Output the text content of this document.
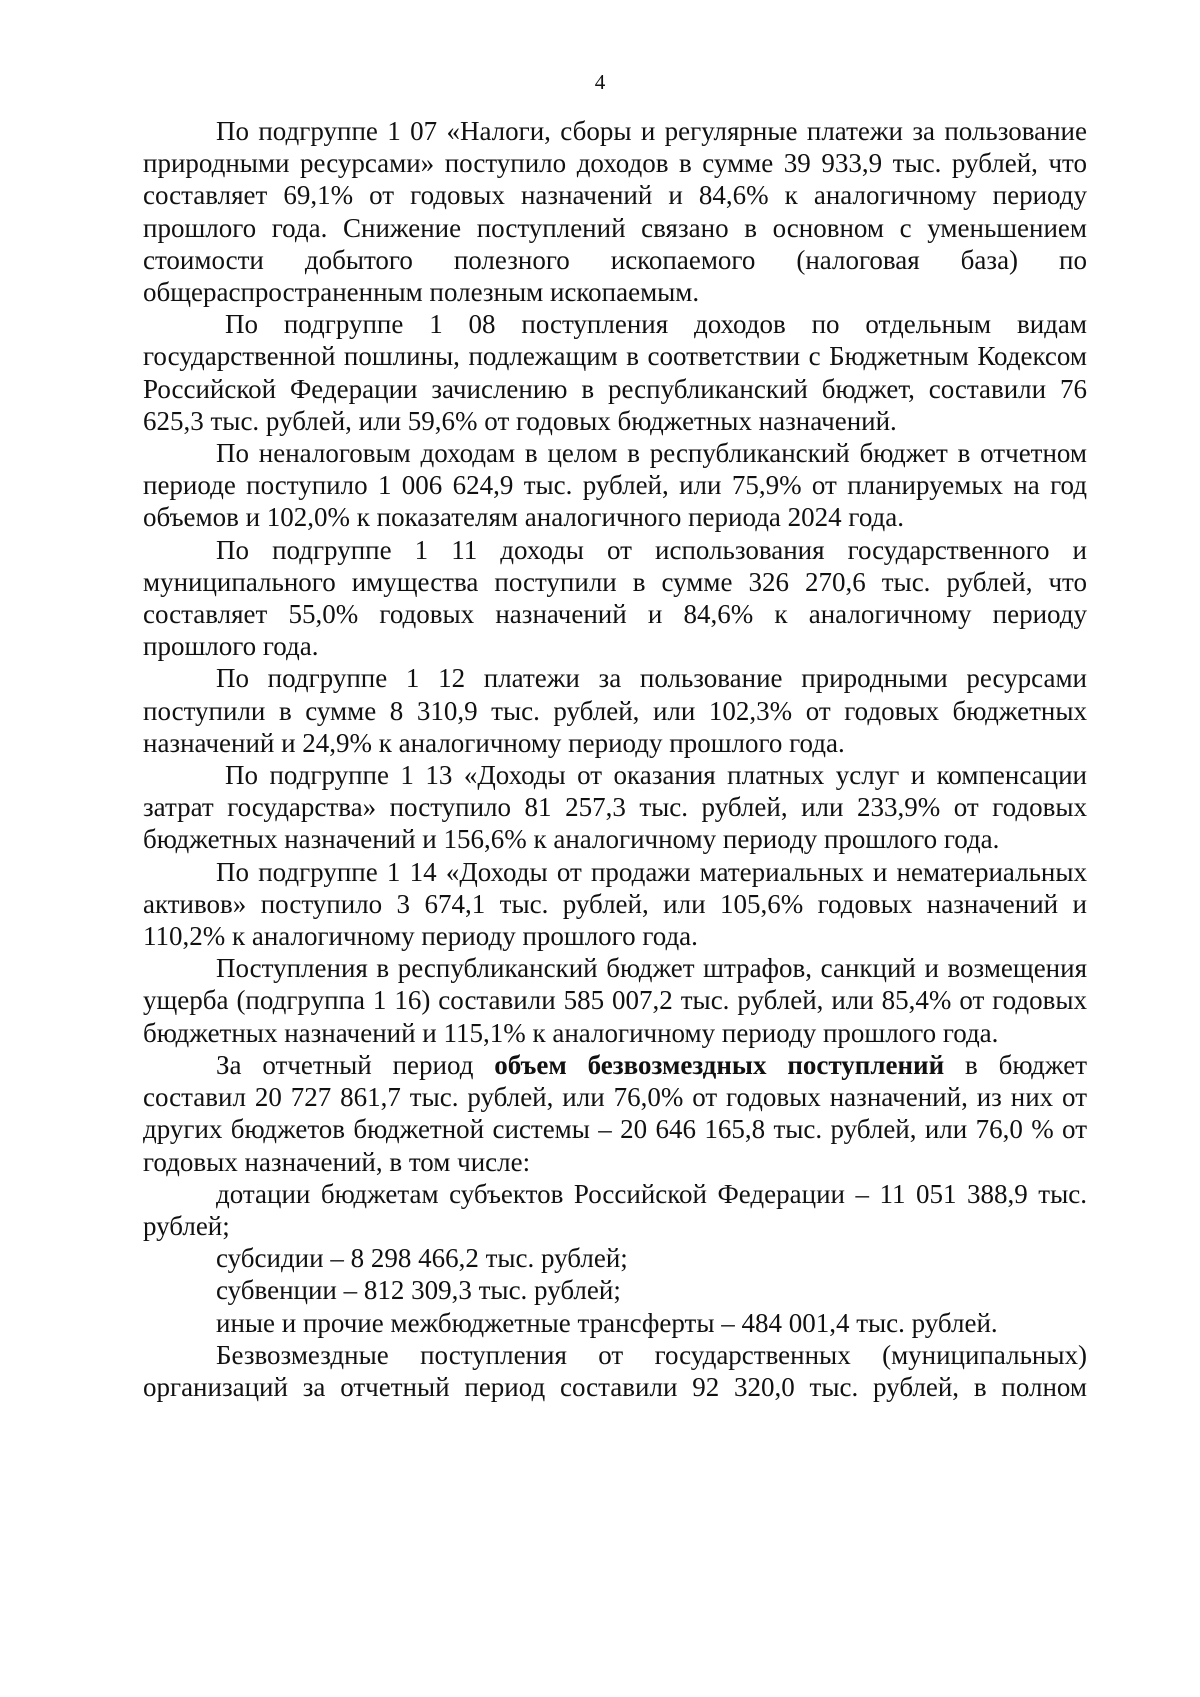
4

По подгруппе 1 07 «Налоги, сборы и регулярные платежи за пользование природными ресурсами» поступило доходов в сумме 39 933,9 тыс. рублей, что составляет 69,1% от годовых назначений и 84,6% к аналогичному периоду прошлого года. Снижение поступлений связано в основном с уменьшением стоимости добытого полезного ископаемого (налоговая база) по общераспространенным полезным ископаемым.

По подгруппе 1 08 поступления доходов по отдельным видам государственной пошлины, подлежащим в соответствии с Бюджетным Кодексом Российской Федерации зачислению в республиканский бюджет, составили 76 625,3 тыс. рублей, или 59,6% от годовых бюджетных назначений.

По неналоговым доходам в целом в республиканский бюджет в отчетном периоде поступило 1 006 624,9 тыс. рублей, или 75,9% от планируемых на год объемов и 102,0% к показателям аналогичного периода 2024 года.

По подгруппе 1 11 доходы от использования государственного и муниципального имущества поступили в сумме 326 270,6 тыс. рублей, что составляет 55,0% годовых назначений и 84,6% к аналогичному периоду прошлого года.

По подгруппе 1 12 платежи за пользование природными ресурсами поступили в сумме 8 310,9 тыс. рублей, или 102,3% от годовых бюджетных назначений и 24,9% к аналогичному периоду прошлого года.

По подгруппе 1 13 «Доходы от оказания платных услуг и компенсации затрат государства» поступило 81 257,3 тыс. рублей, или 233,9% от годовых бюджетных назначений и 156,6% к аналогичному периоду прошлого года.

По подгруппе 1 14 «Доходы от продажи материальных и нематериальных активов» поступило 3 674,1 тыс. рублей, или 105,6% годовых назначений и 110,2% к аналогичному периоду прошлого года.

Поступления в республиканский бюджет штрафов, санкций и возмещения ущерба (подгруппа 1 16) составили 585 007,2 тыс. рублей, или 85,4% от годовых бюджетных назначений и 115,1% к аналогичному периоду прошлого года.

За отчетный период объем безвозмездных поступлений в бюджет составил 20 727 861,7 тыс. рублей, или 76,0% от годовых назначений, из них от других бюджетов бюджетной системы – 20 646 165,8 тыс. рублей, или 76,0 % от годовых назначений, в том числе:

дотации бюджетам субъектов Российской Федерации – 11 051 388,9 тыс. рублей;

субсидии – 8 298 466,2 тыс. рублей;

субвенции – 812 309,3 тыс. рублей;

иные и прочие межбюджетные трансферты – 484 001,4 тыс. рублей.

Безвозмездные поступления от государственных (муниципальных) организаций за отчетный период составили 92 320,0 тыс. рублей, в полном
